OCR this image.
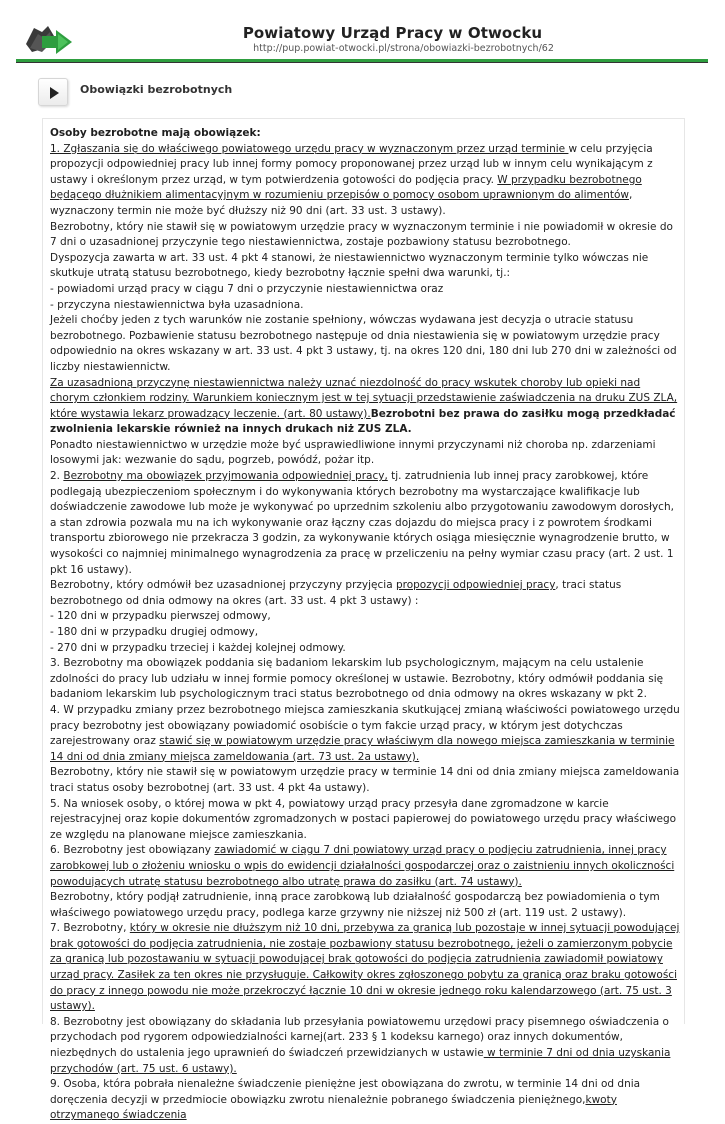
Powiatowy Urząd Pracy w Otwocku
http://pup.powiat-otwocki.pl/strona/obowiazki-bezrobotnych/62
Obowiązki bezrobotnych

Osoby bezrobotne mają obowiązek:

1. Zgłaszania się do właściwego powiatowego urzędu pracy w wyznaczonym przez urząd terminie w celu przyjęcia propozycji odpowiedniej pracy lub innej formy pomocy proponowanej przez urząd lub w innym celu wynikającym z ustawy i określonym przez urząd, w tym potwierdzenia gotowości do podjęcia pracy. W przypadku bezrobotnego będącego dłużnikiem alimentacyjnym w rozumieniu przepisów o pomocy osobom uprawnionym do alimentów, wyznaczony termin nie może być dłuższy niż 90 dni (art. 33 ust. 3 ustawy).

Bezrobotny, który nie stawił się w powiatowym urzędzie pracy w wyznaczonym terminie i nie powiadomił w okresie do 7 dni o uzasadnionej przyczynie tego niestawiennictwa, zostaje pozbawiony statusu bezrobotnego.

Dyspozycja zawarta w art. 33 ust. 4 pkt 4 stanowi, że niestawiennictwo wyznaczonym terminie tylko wówczas nie skutkuje utratą statusu bezrobotnego, kiedy bezrobotny łącznie spełni dwa warunki, tj.:

- powiadomi urząd pracy w ciągu 7 dni o przyczynie niestawiennictwa oraz

- przyczyna niestawiennictwa była uzasadniona.

Jeżeli choćby jeden z tych warunków nie zostanie spełniony, wówczas wydawana jest decyzja o utracie statusu bezrobotnego. Pozbawienie statusu bezrobotnego następuje od dnia niestawienia się w powiatowym urzędzie pracy odpowiednio na okres wskazany w art. 33 ust. 4 pkt 3 ustawy, tj. na okres 120 dni, 180 dni lub 270 dni w zależności od liczby niestawiennictw.

Za uzasadnioną przyczynę niestawiennictwa należy uznać niezdolność do pracy wskutek choroby lub opieki nad chorym członkiem rodziny. Warunkiem koniecznym jest w tej sytuacji przedstawienie zaświadczenia na druku ZUS ZLA, które wystawia lekarz prowadzący leczenie. (art. 80 ustawy).Bezrobotni bez prawa do zasiłku mogą przedkładać zwolnienia lekarskie również na innych drukach niż ZUS ZLA.

Ponadto niestawiennictwo w urzędzie może być usprawiedliwione innymi przyczynami niż choroba np. zdarzeniami losowymi jak: wezwanie do sądu, pogrzeb, powódź, pożar itp.

2. Bezrobotny ma obowiązek przyjmowania odpowiedniej pracy, tj. zatrudnienia lub innej pracy zarobkowej, które podlegają ubezpieczeniom społecznym i do wykonywania których bezrobotny ma wystarczające kwalifikacje lub doświadczenie zawodowe lub może je wykonywać po uprzednim szkoleniu albo przygotowaniu zawodowym dorosłych, a stan zdrowia pozwala mu na ich wykonywanie oraz łączny czas dojazdu do miejsca pracy i z powrotem środkami transportu zbiorowego nie przekracza 3 godzin, za wykonywanie których osiąga miesięcznie wynagrodzenie brutto, w wysokości co najmniej minimalnego wynagrodzenia za pracę w przeliczeniu na pełny wymiar czasu pracy (art. 2 ust. 1 pkt 16 ustawy).

Bezrobotny, który odmówił bez uzasadnionej przyczyny przyjęcia propozycji odpowiedniej pracy, traci status bezrobotnego od dnia odmowy na okres (art. 33 ust. 4 pkt 3 ustawy) :

- 120 dni w przypadku pierwszej odmowy,

- 180 dni w przypadku drugiej odmowy,

- 270 dni w przypadku trzeciej i każdej kolejnej odmowy.

3. Bezrobotny ma obowiązek poddania się badaniom lekarskim lub psychologicznym, mającym na celu ustalenie zdolności do pracy lub udziału w innej formie pomocy określonej w ustawie. Bezrobotny, który odmówił poddania się badaniom lekarskim lub psychologicznym traci status bezrobotnego od dnia odmowy na okres wskazany w pkt 2.

4. W przypadku zmiany przez bezrobotnego miejsca zamieszkania skutkującej zmianą właściwości powiatowego urzędu pracy bezrobotny jest obowiązany powiadomić osobiście o tym fakcie urząd pracy, w którym jest dotychczas zarejestrowany oraz stawić się w powiatowym urzędzie pracy właściwym dla nowego miejsca zamieszkania w terminie 14 dni od dnia zmiany miejsca zameldowania (art. 73 ust. 2a ustawy).

Bezrobotny, który nie stawił się w powiatowym urzędzie pracy w terminie 14 dni od dnia zmiany miejsca zameldowania traci status osoby bezrobotnej (art. 33 ust. 4 pkt 4a ustawy).

5. Na wniosek osoby, o której mowa w pkt 4, powiatowy urząd pracy przesyła dane zgromadzone w karcie rejestracyjnej oraz kopie dokumentów zgromadzonych w postaci papierowej do powiatowego urzędu pracy właściwego ze względu na planowane miejsce zamieszkania.

6. Bezrobotny jest obowiązany zawiadomić w ciągu 7 dni powiatowy urząd pracy o podjęciu zatrudnienia, innej pracy zarobkowej lub o złożeniu wniosku o wpis do ewidencji działalności gospodarczej oraz o zaistnieniu innych okoliczności powodujących utratę statusu bezrobotnego albo utratę prawa do zasiłku (art. 74 ustawy).

Bezrobotny, który podjął zatrudnienie, inną prace zarobkową lub działalność gospodarczą bez powiadomienia o tym właściwego powiatowego urzędu pracy, podlega karze grzywny nie niższej niż 500 zł (art. 119 ust. 2 ustawy).

7. Bezrobotny, który w okresie nie dłuższym niż 10 dni, przebywa za granicą lub pozostaje w innej sytuacji powodującej brak gotowości do podjęcia zatrudnienia, nie zostaje pozbawiony statusu bezrobotnego, jeżeli o zamierzonym pobycie za granicą lub pozostawaniu w sytuacji powodującej brak gotowości do podjęcia zatrudnienia zawiadomił powiatowy urząd pracy. Zasiłek za ten okres nie przysługuje. Całkowity okres zgłoszonego pobytu za granicą oraz braku gotowości do pracy z innego powodu nie może przekroczyć łącznie 10 dni w okresie jednego roku kalendarzowego (art. 75 ust. 3 ustawy).

8. Bezrobotny jest obowiązany do składania lub przesyłania powiatowemu urzędowi pracy pisemnego oświadczenia o przychodach pod rygorem odpowiedzialności karnej(art. 233 § 1 kodeksu karnego) oraz innych dokumentów, niezbędnych do ustalenia jego uprawnień do świadczeń przewidzianych w ustawie w terminie 7 dni od dnia uzyskania przychodów (art. 75 ust. 6 ustawy).

9. Osoba, która pobrała nienależne świadczenie pieniężne jest obowiązana do zwrotu, w terminie 14 dni od dnia doręczenia decyzji w przedmiocie obowiązku zwrotu nienależnie pobranego świadczenia pieniężnego,kwoty otrzymanego świadczenia
